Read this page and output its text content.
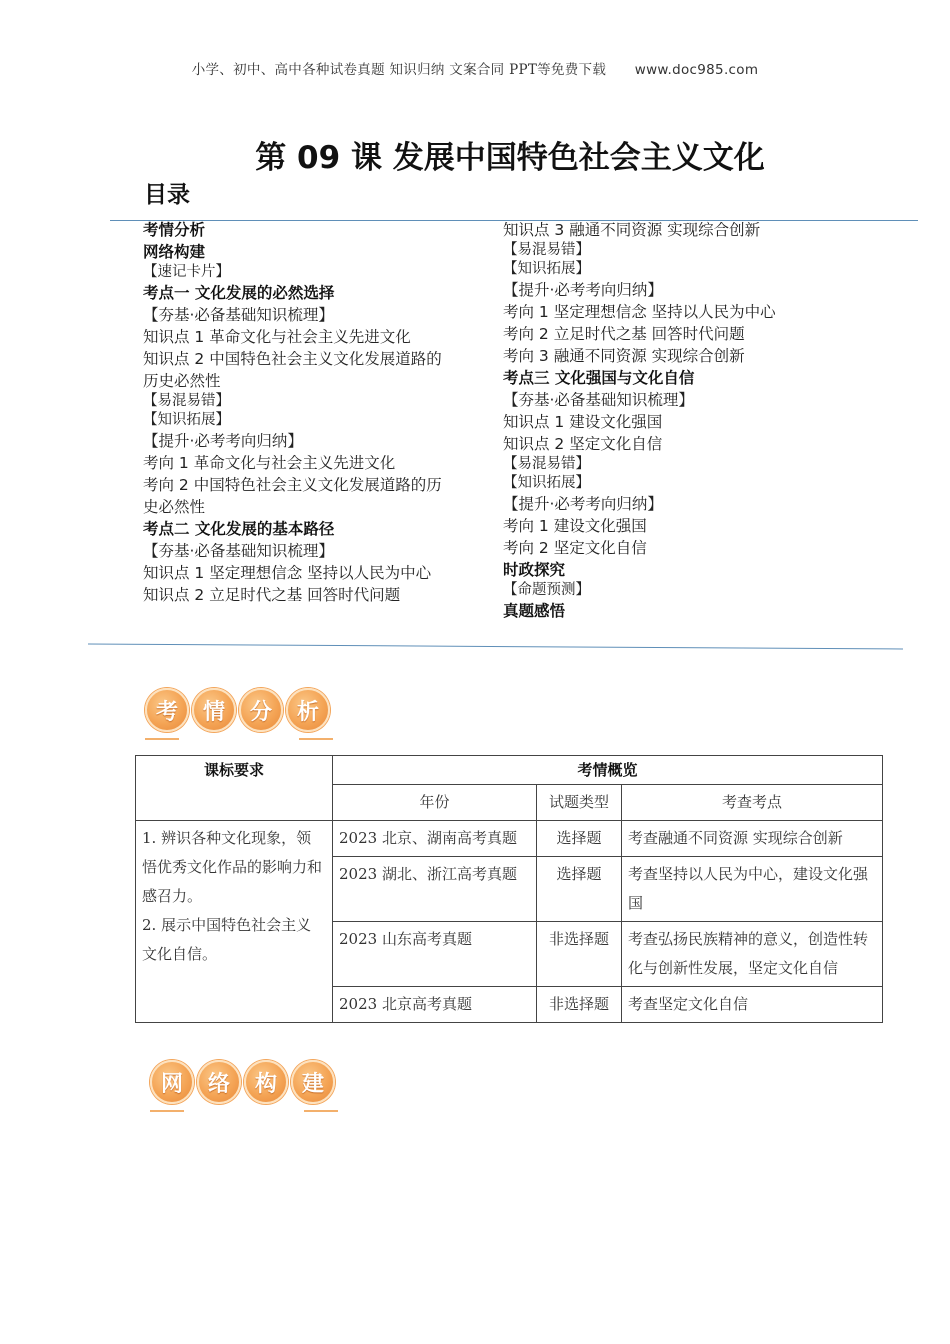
小学、初中、高中各种试卷真题 知识归纳 文案合同 PPT等免费下载 www.doc985.com
第 09 课 发展中国特色社会主义文化
目录
考情分析
网络构建
【速记卡片】
考点一 文化发展的必然选择
【夯基·必备基础知识梳理】
知识点 1 革命文化与社会主义先进文化
知识点 2 中国特色社会主义文化发展道路的历史必然性
【易混易错】
【知识拓展】
【提升·必考考向归纳】
考向 1 革命文化与社会主义先进文化
考向 2 中国特色社会主义文化发展道路的历史必然性
考点二 文化发展的基本路径
【夯基·必备基础知识梳理】
知识点 1 坚定理想信念 坚持以人民为中心
知识点 2 立足时代之基 回答时代问题
知识点 3 融通不同资源 实现综合创新
【易混易错】
【知识拓展】
【提升·必考考向归纳】
考向 1 坚定理想信念 坚持以人民为中心
考向 2 立足时代之基 回答时代问题
考向 3 融通不同资源 实现综合创新
考点三 文化强国与文化自信
【夯基·必备基础知识梳理】
知识点 1 建设文化强国
知识点 2 坚定文化自信
【易混易错】
【知识拓展】
【提升·必考考向归纳】
考向 1 建设文化强国
考向 2 坚定文化自信
时政探究
【命题预测】
真题感悟
考	情	分	析
网	络	构	建
课标要求	考情概览		
	年份	试题类型	考查考点

1. 辨识各种文化现象，领悟优秀文化作品的影响力和感召力。
2. 展示中国特色社会主义文化自信。	2023 北京、湖南高考真题	选择题	考查融通不同资源 实现综合创新
	2023 湖北、浙江高考真题	选择题	考查坚持以人民为中心，建设文化强国
	2023 山东高考真题	非选择题	考查弘扬民族精神的意义，创造性转化与创新性发展，坚定文化自信
	2023 北京高考真题	非选择题	考查坚定文化自信
